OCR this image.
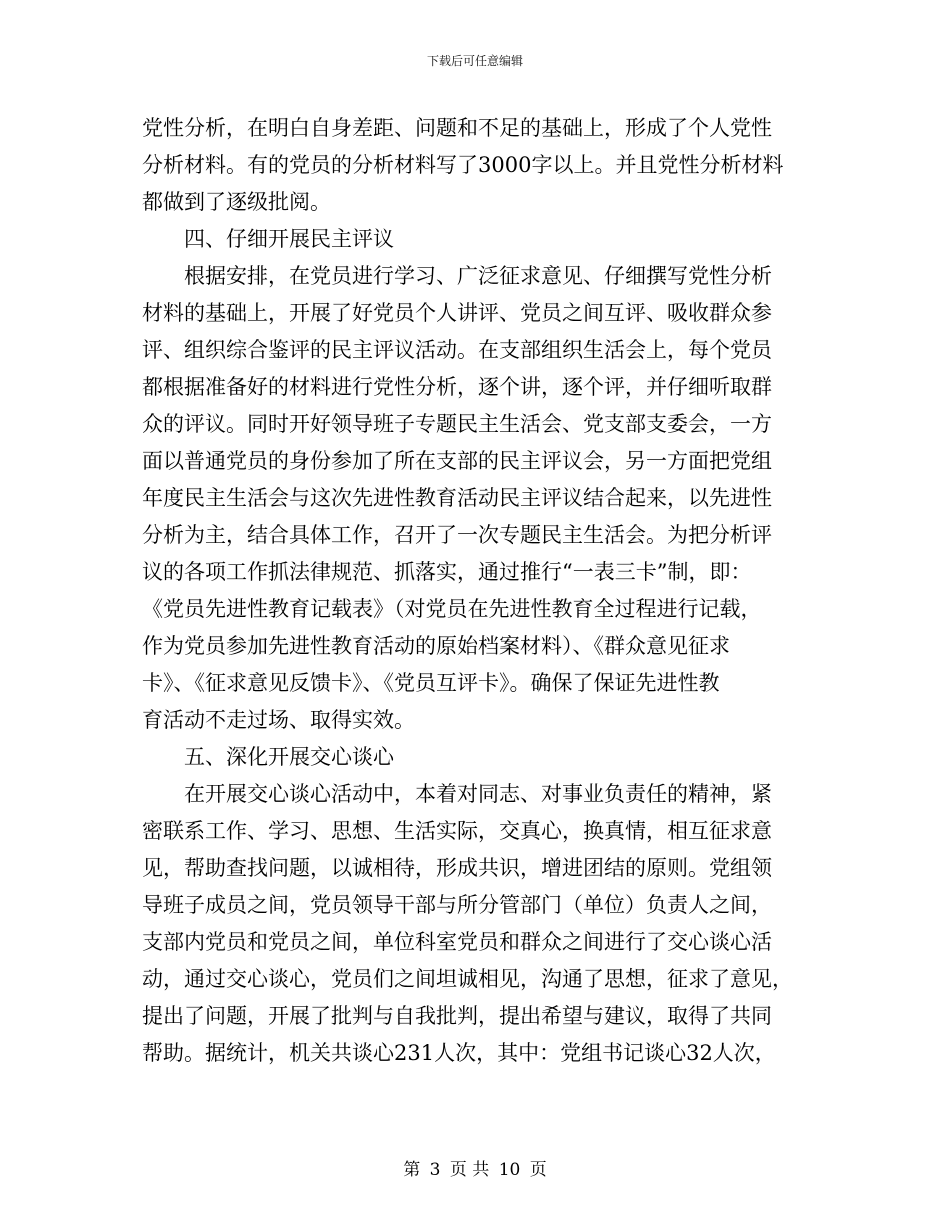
下载后可任意编辑
党性分析，在明白自身差距、问题和不足的基础上，形成了个人党性
分析材料。有的党员的分析材料写了3000字以上。并且党性分析材料
都做到了逐级批阅。
四、仔细开展民主评议
根据安排，在党员进行学习、广泛征求意见、仔细撰写党性分析
材料的基础上，开展了好党员个人讲评、党员之间互评、吸收群众参
评、组织综合鉴评的民主评议活动。在支部组织生活会上，每个党员
都根据准备好的材料进行党性分析，逐个讲，逐个评，并仔细听取群
众的评议。同时开好领导班子专题民主生活会、党支部支委会，一方
面以普通党员的身份参加了所在支部的民主评议会，另一方面把党组
年度民主生活会与这次先进性教育活动民主评议结合起来，以先进性
分析为主，结合具体工作，召开了一次专题民主生活会。为把分析评
议的各项工作抓法律规范、抓落实，通过推行“一表三卡”制，即：
《党员先进性教育记载表》（对党员在先进性教育全过程进行记载，
作为党员参加先进性教育活动的原始档案材料）、《群众意见征求
卡》、《征求意见反馈卡》、《党员互评卡》。确保了保证先进性教
育活动不走过场、取得实效。
五、深化开展交心谈心
在开展交心谈心活动中，本着对同志、对事业负责任的精神，紧
密联系工作、学习、思想、生活实际，交真心，换真情，相互征求意
见，帮助查找问题，以诚相待，形成共识，增进团结的原则。党组领
导班子成员之间，党员领导干部与所分管部门（单位）负责人之间，
支部内党员和党员之间，单位科室党员和群众之间进行了交心谈心活
动，通过交心谈心，党员们之间坦诚相见，沟通了思想，征求了意见，
提出了问题，开展了批判与自我批判，提出希望与建议，取得了共同
帮助。据统计，机关共谈心231人次，其中：党组书记谈心32人次，
第 3 页 共 10 页
